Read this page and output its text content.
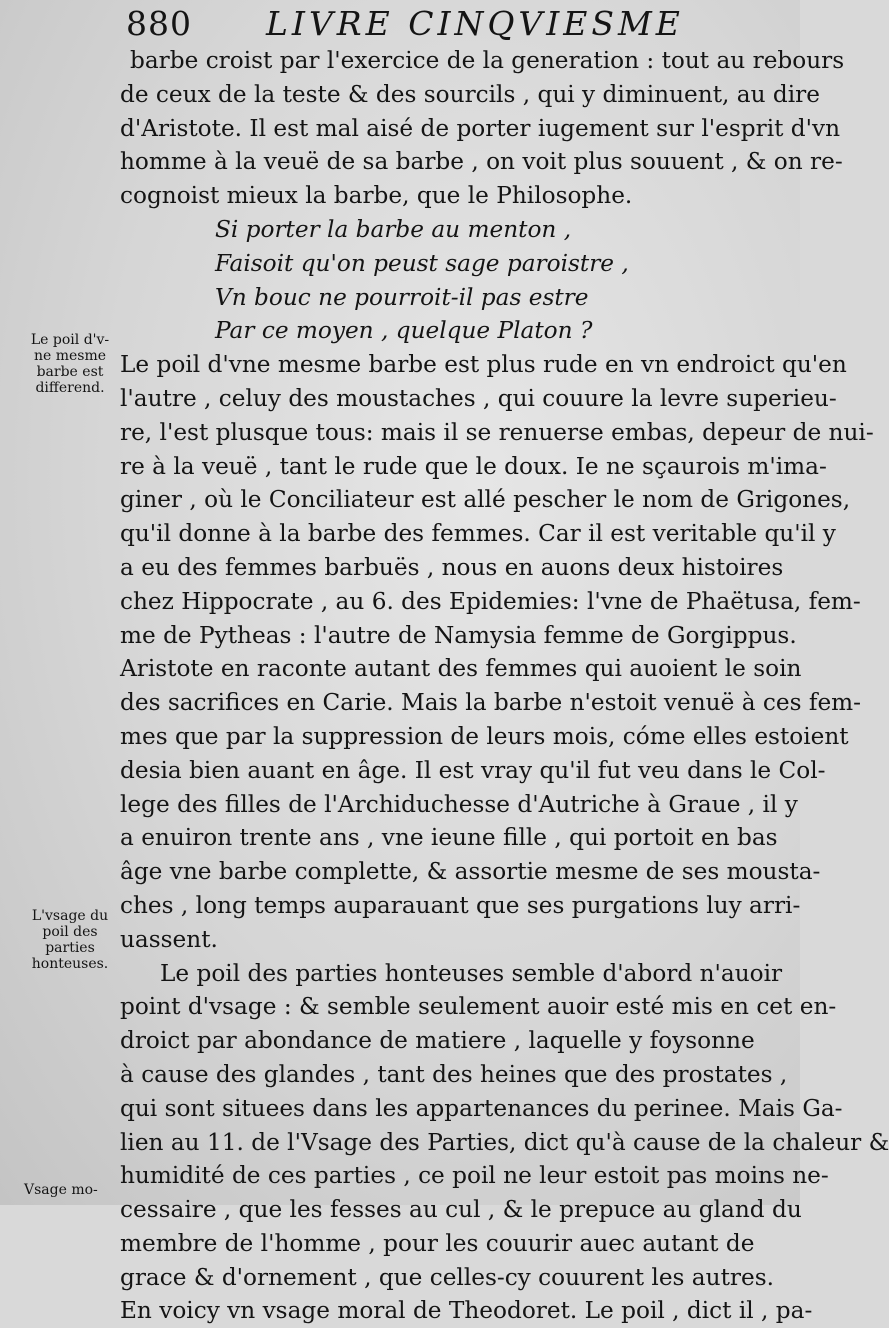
880 LIVRE CINQVIESME
barbe croist par l'exercice de la generation : tout au rebours
de ceux de la teste & des sourcils , qui y diminuent, au dire
d'Aristote. Il est mal aisé de porter iugement sur l'esprit d'vn
homme à la veuë de sa barbe , on voit plus souuent , & on re-
cognoist mieux la barbe, que le Philosophe.
Si porter la barbe au menton ,
Faisoit qu'on peust sage paroistre ,
Vn bouc ne pourroit-il pas estre
Par ce moyen , quelque Platon ?
Le poil d'vne mesme barbe est plus rude en vn endroict qu'en
l'autre , celuy des moustaches , qui couure la levre superieu-
re, l'est plusque tous: mais il se renuerse embas, depeur de nui-
re à la veuë , tant le rude que le doux. Ie ne sçaurois m'ima-
giner , où le Conciliateur est allé pescher le nom de Grigones,
qu'il donne à la barbe des femmes. Car il est veritable qu'il y
a eu des femmes barbuës , nous en auons deux histoires
chez Hippocrate , au 6. des Epidemies: l'vne de Phaëtusa, fem-
me de Pytheas : l'autre de Namysia femme de Gorgippus.
Aristote en raconte autant des femmes qui auoient le soin
des sacrifices en Carie. Mais la barbe n'estoit venuë à ces fem-
mes que par la suppression de leurs mois, cóme elles estoient
desia bien auant en âge. Il est vray qu'il fut veu dans le Col-
lege des filles de l'Archiduchesse d'Autriche à Graue , il y
a enuiron trente ans , vne ieune fille , qui portoit en bas
âge vne barbe complette, & assortie mesme de ses mousta-
ches , long temps auparauant que ses purgations luy arri-
uassent.
Le poil des parties honteuses semble d'abord n'auoir
point d'vsage : & semble seulement auoir esté mis en cet en-
droict par abondance de matiere , laquelle y foysonne
à cause des glandes , tant des heines que des prostates ,
qui sont situees dans les appartenances du perinee. Mais Ga-
lien au 11. de l'Vsage des Parties, dict qu'à cause de la chaleur &
humidité de ces parties , ce poil ne leur estoit pas moins ne-
cessaire , que les fesses au cul , & le prepuce au gland du
membre de l'homme , pour les couurir auec autant de
grace & d'ornement , que celles-cy couurent les autres.
En voicy vn vsage moral de Theodoret. Le poil , dict il , pa-
Le poil d'v-
ne mesme
barbe est
differend.
L'vsage du
poil des
parties
honteuses.
Vsage mo-
